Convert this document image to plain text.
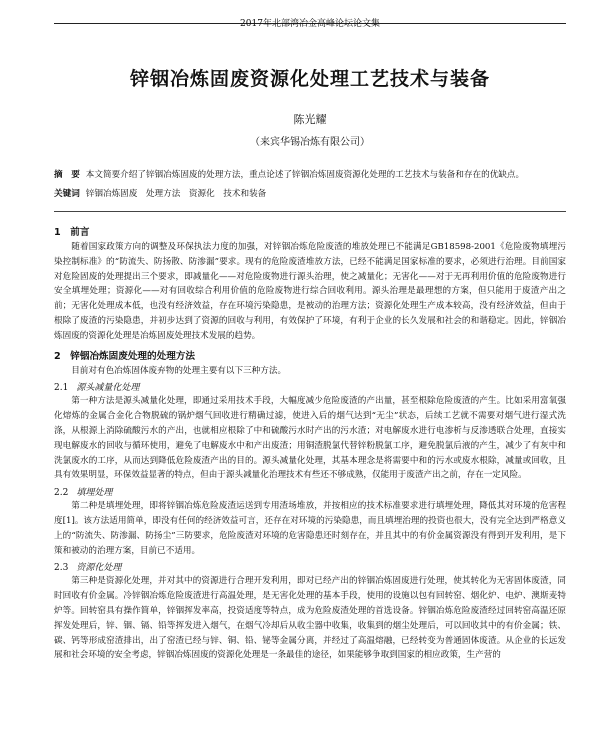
2017年北部湾冶金高峰论坛论文集
锌铟冶炼固废资源化处理工艺技术与装备
陈光耀
（来宾华锡冶炼有限公司）
摘　要 本文简要介绍了锌铟冶炼固废的处理方法，重点论述了锌铟冶炼固废资源化处理的工艺技术与装备和存在的优缺点。
关键词 锌铟冶炼固废　处理方法　资源化　技术和装备
1　前言

随着国家政策方向的调整及环保执法力度的加强，对锌铟冶炼危险废渣的堆放处理已不能满足GB18598-2001《危险废物填埋污染控制标准》的“防流失、防扬散、防渗漏”要求。现有的危险废渣堆放方法，已经不能满足国家标准的要求，必须进行治理。目前国家对危险固废的处理提出三个要求，即减量化——对危险废物进行源头治理，使之减量化；无害化——对于无再利用价值的危险废物进行安全填埋处理；资源化——对有回收综合利用价值的危险废物进行综合回收利用。源头治理是最理想的方案，但只能用于废渣产出之前；无害化处理成本低，也没有经济效益，存在环境污染隐患，是被动的治理方法；资源化处理生产成本较高，没有经济效益，但由于根除了废渣的污染隐患，并初步达到了资源的回收与利用，有效保护了环境，有利于企业的长久发展和社会的和谐稳定。因此，锌铟冶炼固废的资源化处理是冶炼固废处理技术发展的趋势。

2　锌铟冶炼固废处理的处理方法

目前对有色冶炼固体废弃物的处理主要有以下三种方法。

2.1 源头减量化处理

第一种方法是源头减量化处理，即通过采用技术手段，大幅度减少危险废渣的产出量，甚至根除危险废渣的产生。比如采用富氧强化熔炼的金属合金化合物脱硫的锅炉烟气回收进行精确过滤，使进入后的烟气达到“无尘”状态，后续工艺就不需要对烟气进行湿式洗涤，从根源上消除硫酸污水的产出，也就相应根除了中和硫酸污水时产出的污水渣；对电解废水进行电渗析与反渗透联合处理，直接实现电解废水的回收与循环使用，避免了电解废水中和产出废渣；用铜渣脱氯代替锌粉脱氯工序，避免脱氯后液的产生，减少了有灰中和洗氯废水的工序，从而达到降低危险废渣产出的目的。源头减量化处理，其基本理念是将需要中和的污水或废水根除，减量或回收，且具有效果明显，环保效益显著的特点，但由于源头减量化治理技术有些还不够成熟，仅能用于废渣产出之前，存在一定风险。

2.2 填埋处理

第二种是填埋处理，即将锌铟冶炼危险废渣运送到专用渣场堆放，并按相应的技术标准要求进行填埋处理，降低其对环境的危害程度[1]。该方法适用简单，即没有任何的经济效益可言，还存在对环境的污染隐患，而且填埋治理的投资也很大，没有完全达到严格意义上的“防流失、防渗漏、防扬尘”三防要求，危险废渣对环境的危害隐患还时刻存在，并且其中的有价金属资源没有得到开发利用，是下策和被动的治理方案，目前已不适用。

2.3 资源化处理

第三种是资源化处理，并对其中的资源进行合理开发利用，即对已经产出的锌铟冶炼固废进行处理，使其转化为无害固体废渣，同时回收有价金属。冷锌铟冶炼危险废渣进行高温处理，是无害化处理的基本手段，使用的设施以包有回转窑、烟化炉、电炉、澳斯麦特炉等。回转窑具有操作简单，锌铟挥发率高，投资适度等特点，成为危险废渣处理的首选设备。锌铟冶炼危险废渣经过回转窑高温还原挥发处理后，锌、铟、镉、铅等挥发进入烟气，在烟气冷却后从收尘器中收集，收集到的烟尘处理后，可以回收其中的有价金属；铁、碳、钙等形成窑渣排出，出了窑渣已经与锌、铜、铅、铋等金属分离，并经过了高温熔融，已经转变为普通固体废渣。从企业的长远发展和社会环境的安全考虑，锌铟冶炼固废的资源化处理是一条最佳的途径，如果能够争取到国家的相应政策，生产营的
